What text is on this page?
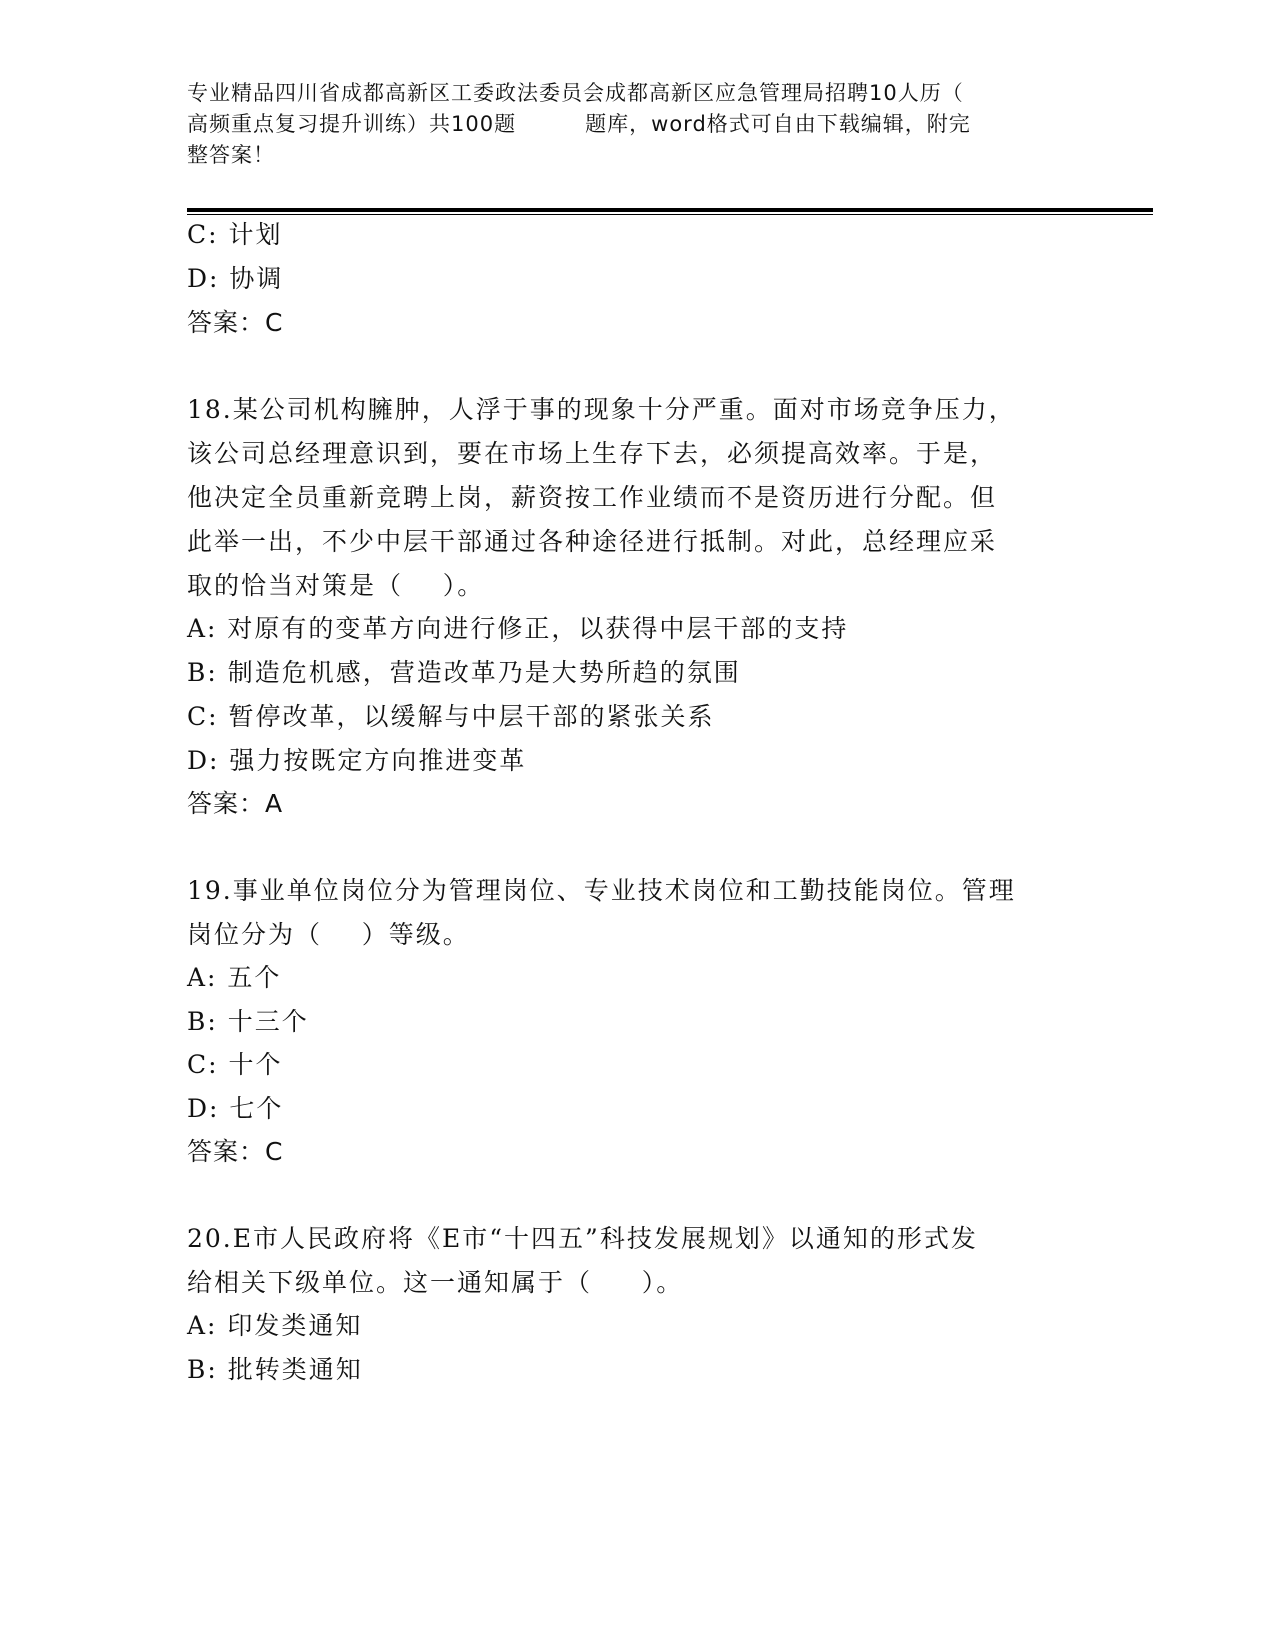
专业精品四川省成都高新区工委政法委员会成都高新区应急管理局招聘10人历（
高频重点复习提升训练）共100题         题库，word格式可自由下载编辑，附完
整答案！
C: 计划
D: 协调
答案：C
18.某公司机构臃肿，人浮于事的现象十分严重。面对市场竞争压力，
该公司总经理意识到，要在市场上生存下去，必须提高效率。于是，
他决定全员重新竞聘上岗，薪资按工作业绩而不是资历进行分配。但
此举一出，不少中层干部通过各种途径进行抵制。对此，总经理应采
取的恰当对策是（    ）。
A: 对原有的变革方向进行修正，以获得中层干部的支持
B: 制造危机感，营造改革乃是大势所趋的氛围
C: 暂停改革，以缓解与中层干部的紧张关系
D: 强力按既定方向推进变革
答案：A
19.事业单位岗位分为管理岗位、专业技术岗位和工勤技能岗位。管理
岗位分为（    ）等级。
A: 五个
B: 十三个
C: 十个
D: 七个
答案：C
20.E市人民政府将《E市“十四五”科技发展规划》以通知的形式发
给相关下级单位。这一通知属于（     ）。
A: 印发类通知
B: 批转类通知
